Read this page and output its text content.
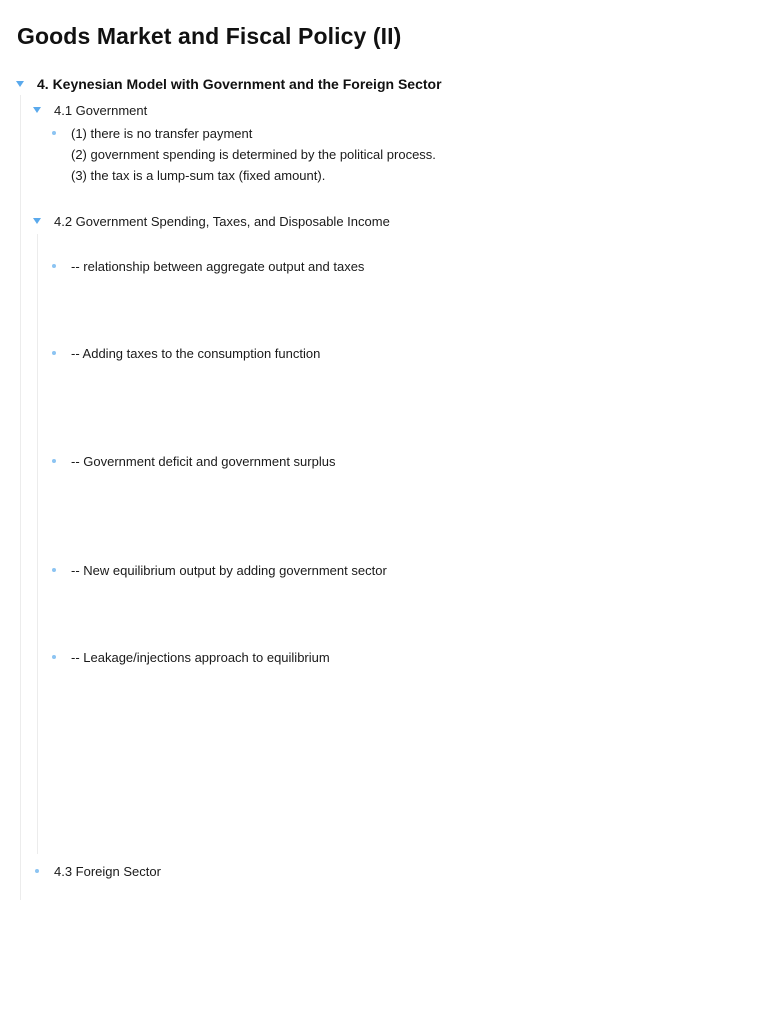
Goods Market and Fiscal Policy (II)
4. Keynesian Model with Government and the Foreign Sector
4.1 Government
(1) there is no transfer payment
(2) government spending is determined by the political process.
(3) the tax is a lump-sum tax (fixed amount).
4.2 Government Spending, Taxes, and Disposable Income
-- relationship between aggregate output and taxes
-- Adding taxes to the consumption function
-- Government deficit and government surplus
-- New equilibrium output by adding government sector
-- Leakage/injections approach to equilibrium
4.3 Foreign Sector
